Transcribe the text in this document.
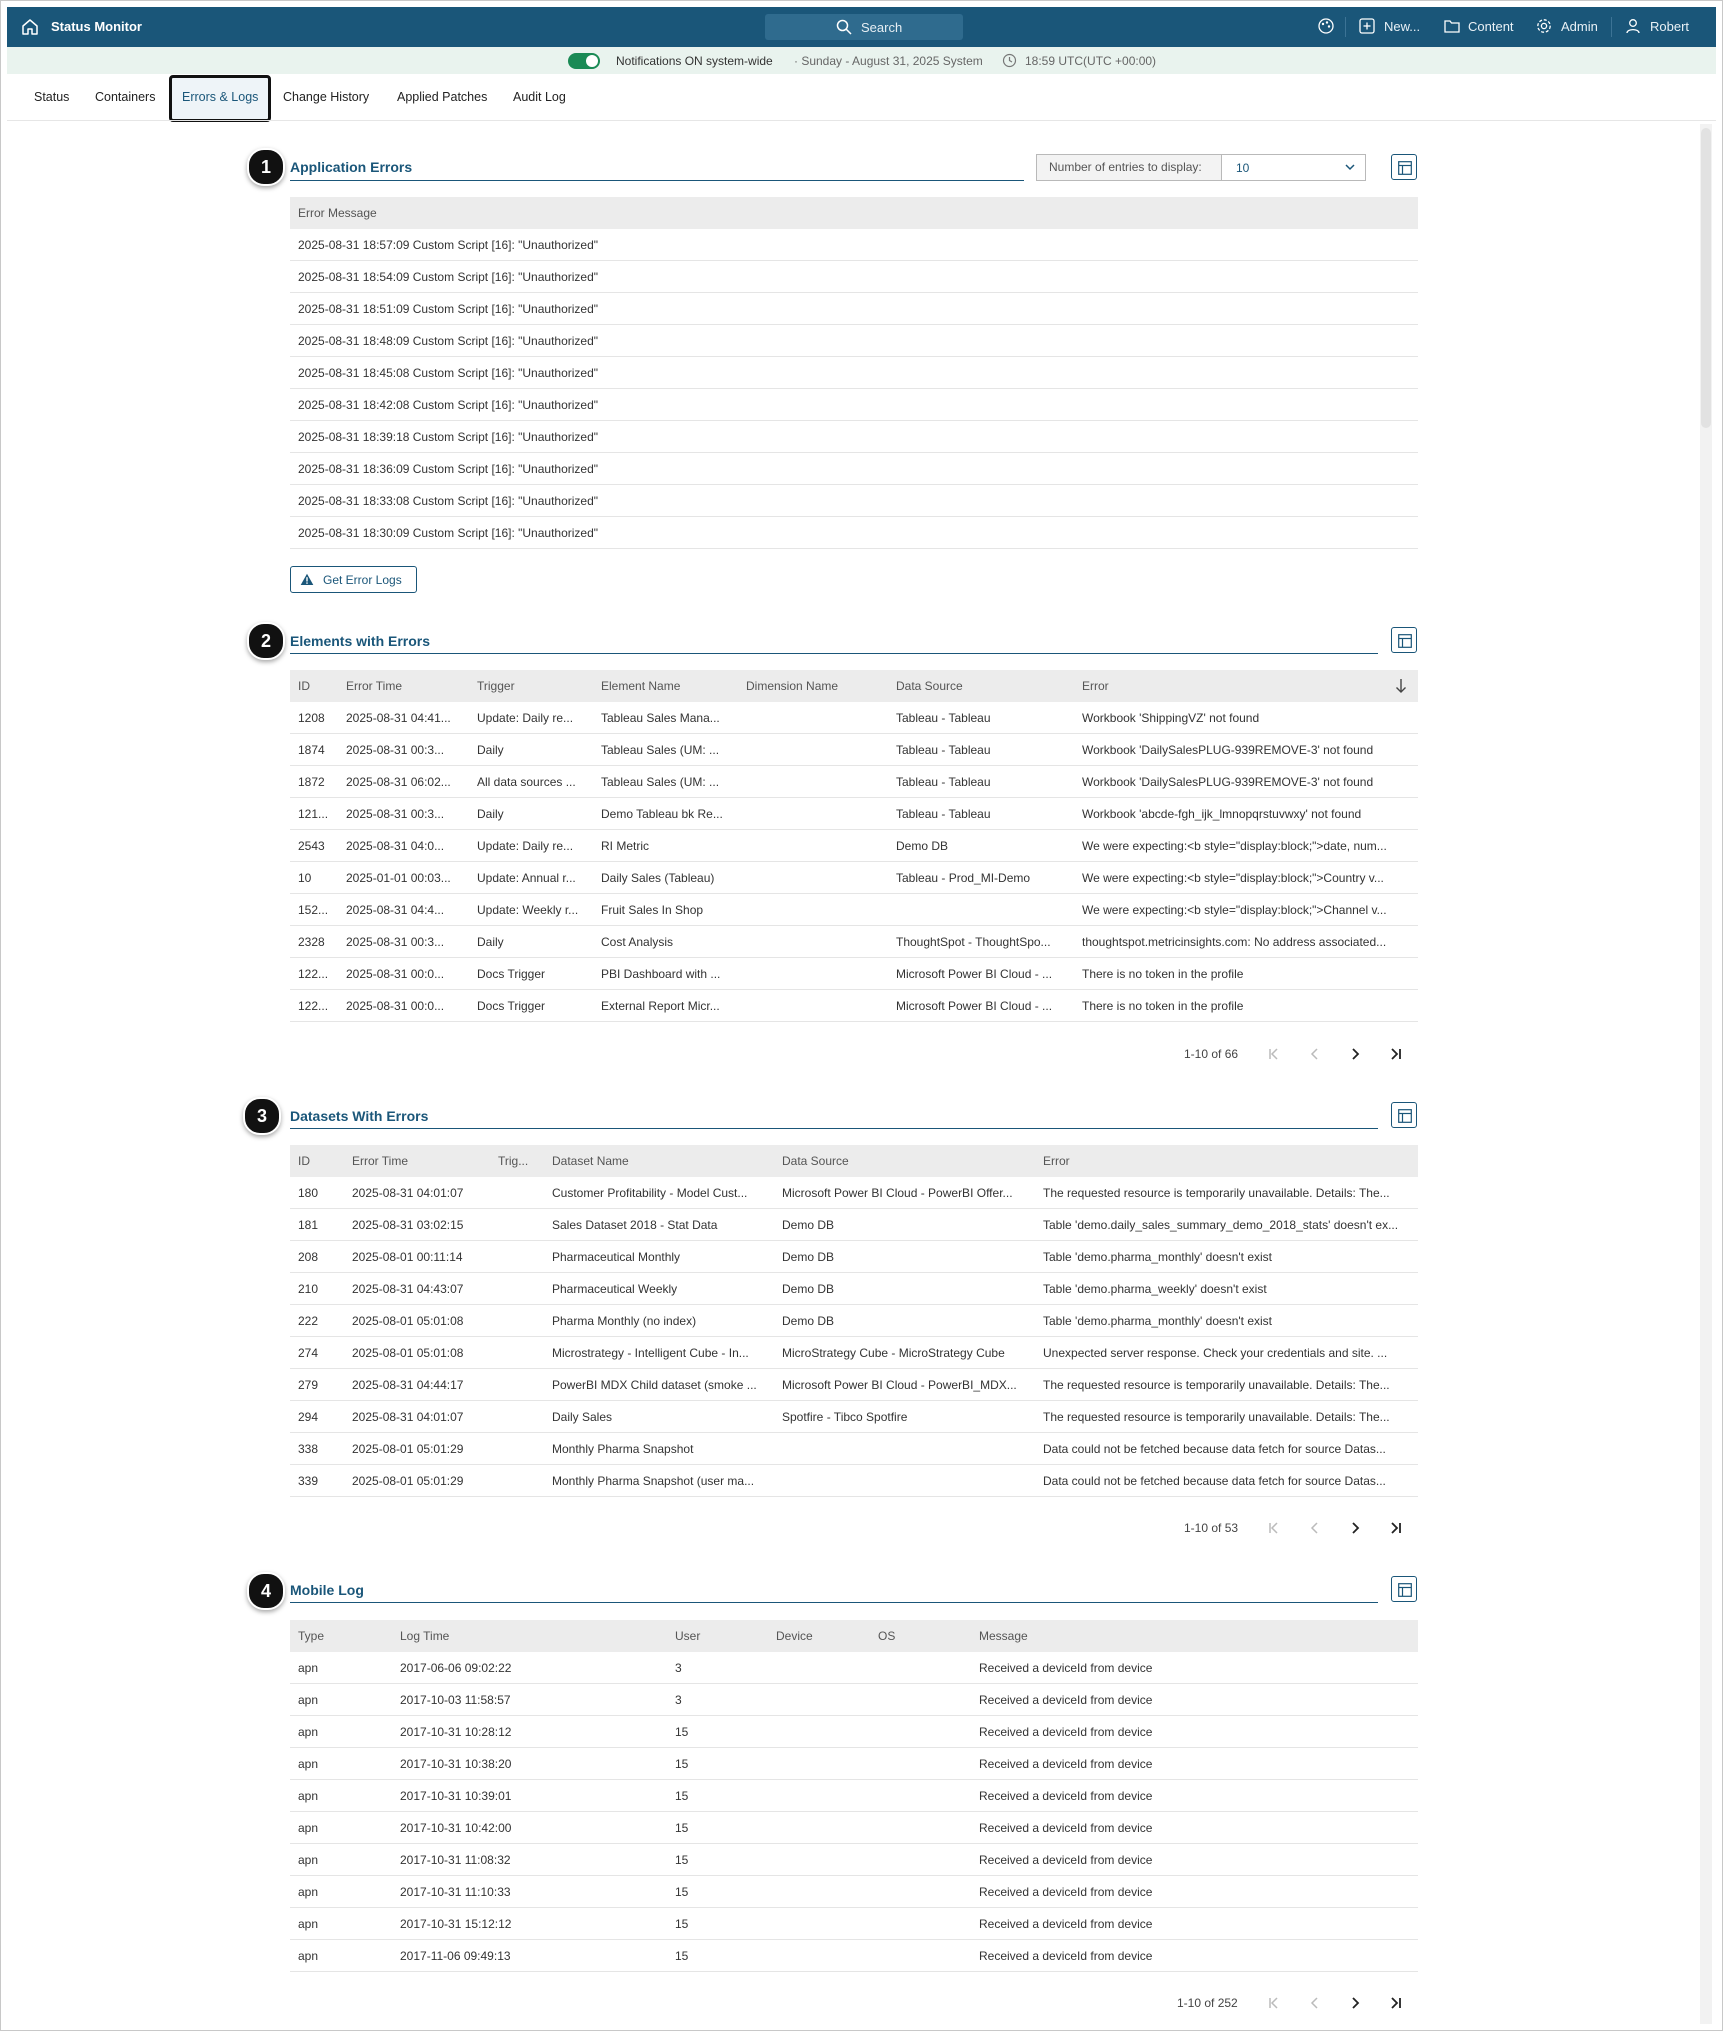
Status Monitor	Search	New...	Content	Admin	Robert
Notifications ON system-wide · Sunday - August 31, 2025 System	18:59 UTC(UTC +00:00)
Status Containers Errors & Logs Change History Applied Patches Audit Log
1	Application Errors	Number of entries to display:	10
Error Message
2025-08-31 18:57:09 Custom Script [16]: "Unauthorized"
2025-08-31 18:54:09 Custom Script [16]: "Unauthorized"
2025-08-31 18:51:09 Custom Script [16]: "Unauthorized"
2025-08-31 18:48:09 Custom Script [16]: "Unauthorized"
2025-08-31 18:45:08 Custom Script [16]: "Unauthorized"
2025-08-31 18:42:08 Custom Script [16]: "Unauthorized"
2025-08-31 18:39:18 Custom Script [16]: "Unauthorized"
2025-08-31 18:36:09 Custom Script [16]: "Unauthorized"
2025-08-31 18:33:08 Custom Script [16]: "Unauthorized"
2025-08-31 18:30:09 Custom Script [16]: "Unauthorized"
Get Error Logs
2	Elements with Errors
ID	Error Time	Trigger	Element Name	Dimension Name	Data Source	Error
1208	2025-08-31 04:41...	Update: Daily re...	Tableau Sales Mana...		Tableau - Tableau	Workbook 'ShippingVZ' not found
1874	2025-08-31 00:3...	Daily	Tableau Sales (UM: ...		Tableau - Tableau	Workbook 'DailySalesPLUG-939REMOVE-3' not found
1872	2025-08-31 06:02...	All data sources ...	Tableau Sales (UM: ...		Tableau - Tableau	Workbook 'DailySalesPLUG-939REMOVE-3' not found
121...	2025-08-31 00:3...	Daily	Demo Tableau bk Re...		Tableau - Tableau	Workbook 'abcde-fgh_ijk_lmnopqrstuvwxy' not found
2543	2025-08-31 04:0...	Update: Daily re...	RI Metric		Demo DB	We were expecting:<b style="display:block;">date, num...
10	2025-01-01 00:03...	Update: Annual r...	Daily Sales (Tableau)		Tableau - Prod_MI-Demo	We were expecting:<b style="display:block;">Country v...
152...	2025-08-31 04:4...	Update: Weekly r...	Fruit Sales In Shop			We were expecting:<b style="display:block;">Channel v...
2328	2025-08-31 00:3...	Daily	Cost Analysis		ThoughtSpot - ThoughtSpo...	thoughtspot.metricinsights.com: No address associated...
122...	2025-08-31 00:0...	Docs Trigger	PBI Dashboard with ...		Microsoft Power BI Cloud - ...	There is no token in the profile
122...	2025-08-31 00:0...	Docs Trigger	External Report Micr...		Microsoft Power BI Cloud - ...	There is no token in the profile
1-10 of 66
3	Datasets With Errors
ID	Error Time	Trig...	Dataset Name	Data Source	Error
180	2025-08-31 04:01:07		Customer Profitability - Model Cust...	Microsoft Power BI Cloud - PowerBI Offer...	The requested resource is temporarily unavailable. Details: The...
181	2025-08-31 03:02:15		Sales Dataset 2018 - Stat Data	Demo DB	Table 'demo.daily_sales_summary_demo_2018_stats' doesn't ex...
208	2025-08-01 00:11:14		Pharmaceutical Monthly	Demo DB	Table 'demo.pharma_monthly' doesn't exist
210	2025-08-31 04:43:07		Pharmaceutical Weekly	Demo DB	Table 'demo.pharma_weekly' doesn't exist
222	2025-08-01 05:01:08		Pharma Monthly (no index)	Demo DB	Table 'demo.pharma_monthly' doesn't exist
274	2025-08-01 05:01:08		Microstrategy - Intelligent Cube - In...	MicroStrategy Cube - MicroStrategy Cube	Unexpected server response. Check your credentials and site. ...
279	2025-08-31 04:44:17		PowerBI MDX Child dataset (smoke ...	Microsoft Power BI Cloud - PowerBI_MDX...	The requested resource is temporarily unavailable. Details: The...
294	2025-08-31 04:01:07		Daily Sales	Spotfire - Tibco Spotfire	The requested resource is temporarily unavailable. Details: The...
338	2025-08-01 05:01:29		Monthly Pharma Snapshot		Data could not be fetched because data fetch for source Datas...
339	2025-08-01 05:01:29		Monthly Pharma Snapshot (user ma...		Data could not be fetched because data fetch for source Datas...
1-10 of 53
4	Mobile Log
Type	Log Time	User	Device	OS	Message
apn	2017-06-06 09:02:22	3			Received a deviceId from device
apn	2017-10-03 11:58:57	3			Received a deviceId from device
apn	2017-10-31 10:28:12	15			Received a deviceId from device
apn	2017-10-31 10:38:20	15			Received a deviceId from device
apn	2017-10-31 10:39:01	15			Received a deviceId from device
apn	2017-10-31 10:42:00	15			Received a deviceId from device
apn	2017-10-31 11:08:32	15			Received a deviceId from device
apn	2017-10-31 11:10:33	15			Received a deviceId from device
apn	2017-10-31 15:12:12	15			Received a deviceId from device
apn	2017-11-06 09:49:13	15			Received a deviceId from device
1-10 of 252
